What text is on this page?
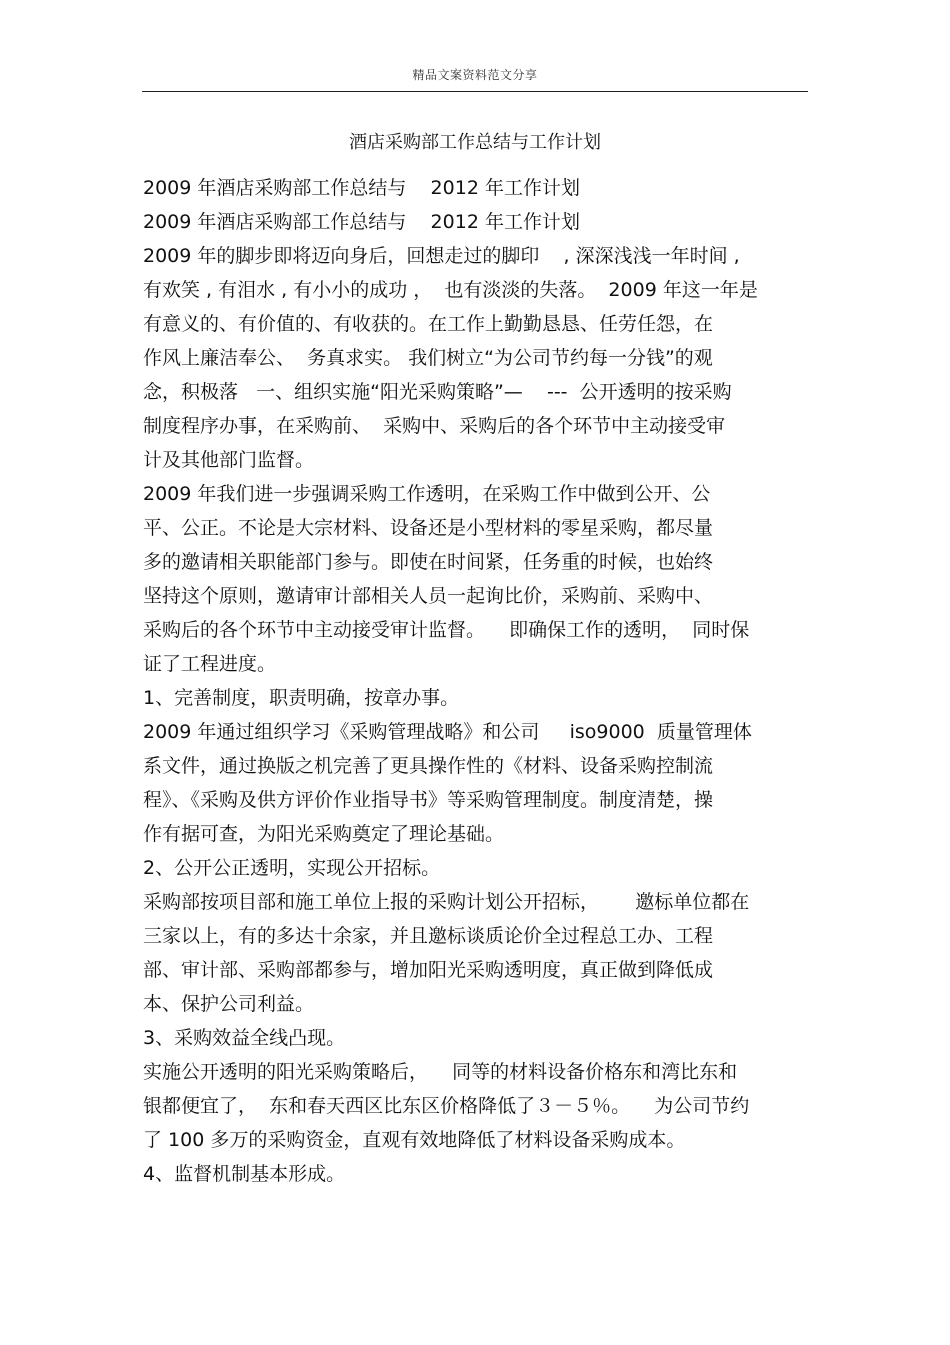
精品文案资料范文分享
酒店采购部工作总结与工作计划
2009 年酒店采购部工作总结与    2012 年工作计划
2009 年酒店采购部工作总结与    2012 年工作计划
2009 年的脚步即将迈向身后，回想走过的脚印    , 深深浅浅一年时间 ,
有欢笑 , 有泪水 , 有小小的成功 ，  也有淡淡的失落。  2009 年这一年是
有意义的、有价值的、有收获的。在工作上勤勤恳恳、任劳任怨，在
作风上廉洁奉公、  务真求实。 我们树立“为公司节约每一分钱”的观
念，积极落   一、组织实施“阳光采购策略”—    ---  公开透明的按采购
制度程序办事，在采购前、  采购中、采购后的各个环节中主动接受审
计及其他部门监督。
2009 年我们进一步强调采购工作透明，在采购工作中做到公开、公
平、公正。不论是大宗材料、设备还是小型材料的零星采购，都尽量
多的邀请相关职能部门参与。即使在时间紧，任务重的时候，也始终
坚持这个原则，邀请审计部相关人员一起询比价，采购前、采购中、
采购后的各个环节中主动接受审计监督。    即确保工作的透明，  同时保
证了工程进度。
1、完善制度，职责明确，按章办事。
2009 年通过组织学习《采购管理战略》和公司     iso9000  质量管理体
系文件，通过换版之机完善了更具操作性的《材料、设备采购控制流
程》、《采购及供方评价作业指导书》等采购管理制度。制度清楚，操
作有据可查，为阳光采购奠定了理论基础。
2、公开公正透明，实现公开招标。
采购部按项目部和施工单位上报的采购计划公开招标，      邀标单位都在
三家以上，有的多达十余家，并且邀标谈质论价全过程总工办、工程
部、审计部、采购部都参与，增加阳光采购透明度，真正做到降低成
本、保护公司利益。
3、采购效益全线凸现。
实施公开透明的阳光采购策略后，    同等的材料设备价格东和湾比东和
银都便宜了，  东和春天西区比东区价格降低了３－５％。    为公司节约
了 100 多万的采购资金，直观有效地降低了材料设备采购成本。
4、监督机制基本形成。
